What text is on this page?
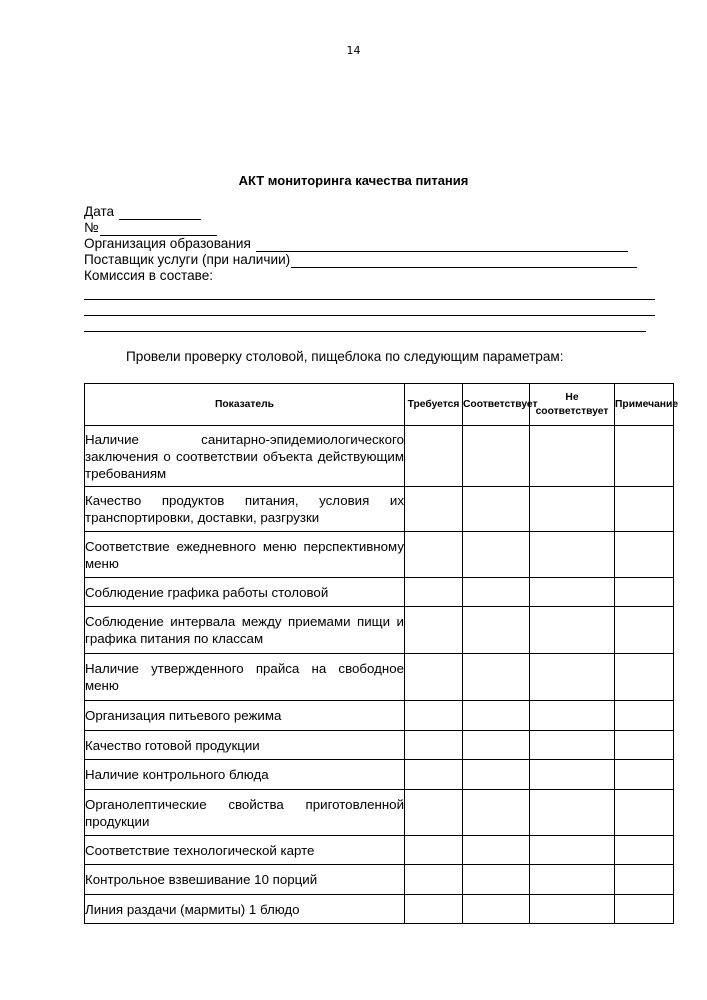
14
АКТ мониторинга качества питания
Дата
№
Организация образования
Поставщик услуги (при наличии)
Комиссия в составе:
Провели проверку столовой, пищеблока по следующим параметрам:
Показатель	Требуется	Соответствует	Не соответствует	Примечание
Наличие санитарно-эпидемиологического заключения о соответствии объекта действующим требованиям				
Качество продуктов питания, условия их транспортировки, доставки, разгрузки				
Соответствие ежедневного меню перспективному меню				
Соблюдение графика работы столовой				
Соблюдение интервала между приемами пищи и графика питания по классам				
Наличие утвержденного прайса на свободное меню				
Организация питьевого режима				
Качество готовой продукции				
Наличие контрольного блюда				
Органолептические свойства приготовленной продукции				
Соответствие технологической карте				
Контрольное взвешивание 10 порций				
Линия раздачи (мармиты) 1 блюдо				
